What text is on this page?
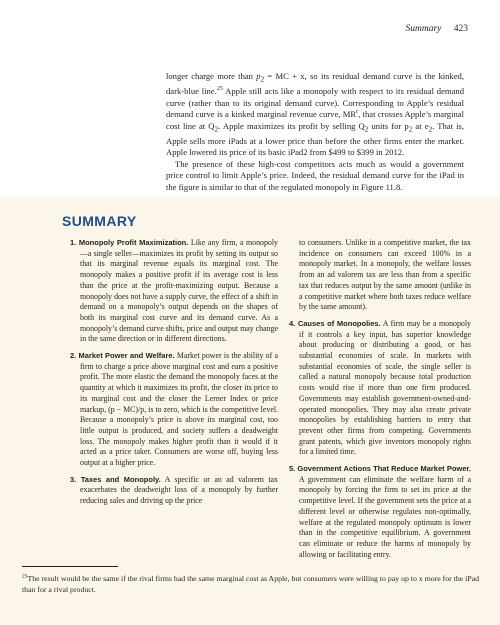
Summary 423

longer charge more than $p_2$ = MC + x, so its residual demand curve is the kinked, dark-blue line.$^{25}$ Apple still acts like a monopoly with respect to its residual demand curve (rather than to its original demand curve). Corresponding to Apple’s residual demand curve is a kinked marginal revenue curve, $MR^r$, that crosses Apple’s marginal cost line at $Q_2$. Apple maximizes its profit by selling $Q_2$ units for $p_2$ at $e_2$. That is, Apple sells more iPads at a lower price than before the other firms enter the market. Apple lowered its price of its basic iPad2 from $499 to $399 in 2012.

The presence of these high-cost competitors acts much as would a government price control to limit Apple’s price. Indeed, the residual demand curve for the iPad in the figure is similar to that of the regulated monopoly in Figure 11.8.

SUMMARY

1. Monopoly Profit Maximization. Like any firm, a monopoly—a single seller—maximizes its profit by setting its output so that its marginal revenue equals its marginal cost. The monopoly makes a positive profit if its average cost is less than the price at the profit-maximizing output. Because a monopoly does not have a supply curve, the effect of a shift in demand on a monopoly’s output depends on the shapes of both its marginal cost curve and its demand curve. As a monopoly’s demand curve shifts, price and output may change in the same direction or in different directions.

2. Market Power and Welfare. Market power is the ability of a firm to charge a price above marginal cost and earn a positive profit. The more elastic the demand the monopoly faces at the quantity at which it maximizes its profit, the closer its price to its marginal cost and the closer the Lerner Index or price markup, (p − MC)/p, is to zero, which is the competitive level. Because a monopoly’s price is above its marginal cost, too little output is produced, and society suffers a deadweight loss. The monopoly makes higher profit than it would if it acted as a price taker. Consumers are worse off, buying less output at a higher price.

3. Taxes and Monopoly. A specific or an ad valorem tax exacerbates the deadweight loss of a monopoly by further reducing sales and driving up the price

to consumers. Unlike in a competitive market, the tax incidence on consumers can exceed 100% in a monopoly market. In a monopoly, the welfare losses from an ad valorem tax are less than from a specific tax that reduces output by the same amount (unlike in a competitive market where both taxes reduce welfare by the same amount).

4. Causes of Monopolies. A firm may be a monopoly if it controls a key input, has superior knowledge about producing or distributing a good, or has substantial economies of scale. In markets with substantial economies of scale, the single seller is called a natural monopoly because total production costs would rise if more than one firm produced. Governments may establish government-owned-and-operated monopolies. They may also create private monopolies by establishing barriers to entry that prevent other firms from competing. Governments grant patents, which give inventors monopoly rights for a limited time.

5. Government Actions That Reduce Market Power. A government can eliminate the welfare harm of a monopoly by forcing the firm to set its price at the competitive level. If the government sets the price at a different level or otherwise regulates non-optimally, welfare at the regulated monopoly optimum is lower than in the competitive equilibrium. A government can eliminate or reduce the harms of monopoly by allowing or facilitating entry.

$^{25}$The result would be the same if the rival firms had the same marginal cost as Apple, but consumers were willing to pay up to x more for the iPad than for a rival product.
